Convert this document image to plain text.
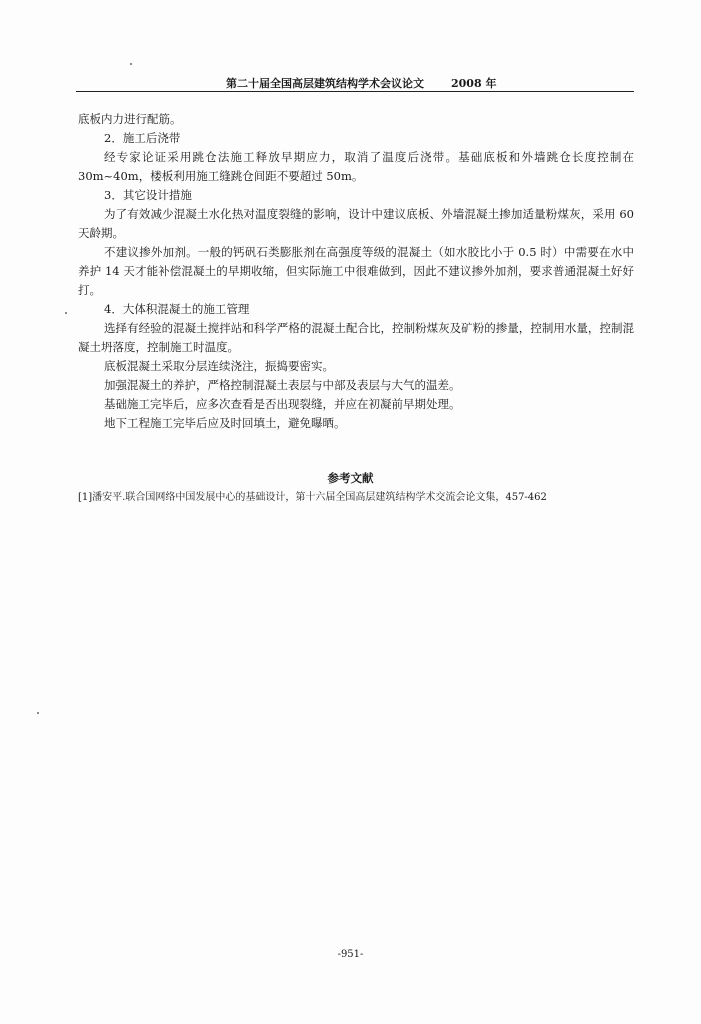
第二十届全国高层建筑结构学术会议论文 2008 年

底板内力进行配筋。

2．施工后浇带

经专家论证采用跳仓法施工释放早期应力，取消了温度后浇带。基础底板和外墙跳仓长度控制在30m~40m，楼板利用施工缝跳仓间距不要超过 50m。

3．其它设计措施

为了有效减少混凝土水化热对温度裂缝的影响，设计中建议底板、外墙混凝土掺加适量粉煤灰，采用 60 天龄期。

不建议掺外加剂。一般的钙矾石类膨胀剂在高强度等级的混凝土（如水胶比小于 0.5 时）中需要在水中养护 14 天才能补偿混凝土的早期收缩，但实际施工中很难做到，因此不建议掺外加剂，要求普通混凝土好好打。

4．大体积混凝土的施工管理

选择有经验的混凝土搅拌站和科学严格的混凝土配合比，控制粉煤灰及矿粉的掺量，控制用水量，控制混凝土坍落度，控制施工时温度。

底板混凝土采取分层连续浇注，振捣要密实。

加强混凝土的养护，严格控制混凝土表层与中部及表层与大气的温差。

基础施工完毕后，应多次查看是否出现裂缝，并应在初凝前早期处理。

地下工程施工完毕后应及时回填土，避免曝晒。

参考文献
[1]潘安平.联合国网络中国发展中心的基础设计，第十六届全国高层建筑结构学术交流会论文集，457-462
-951-
